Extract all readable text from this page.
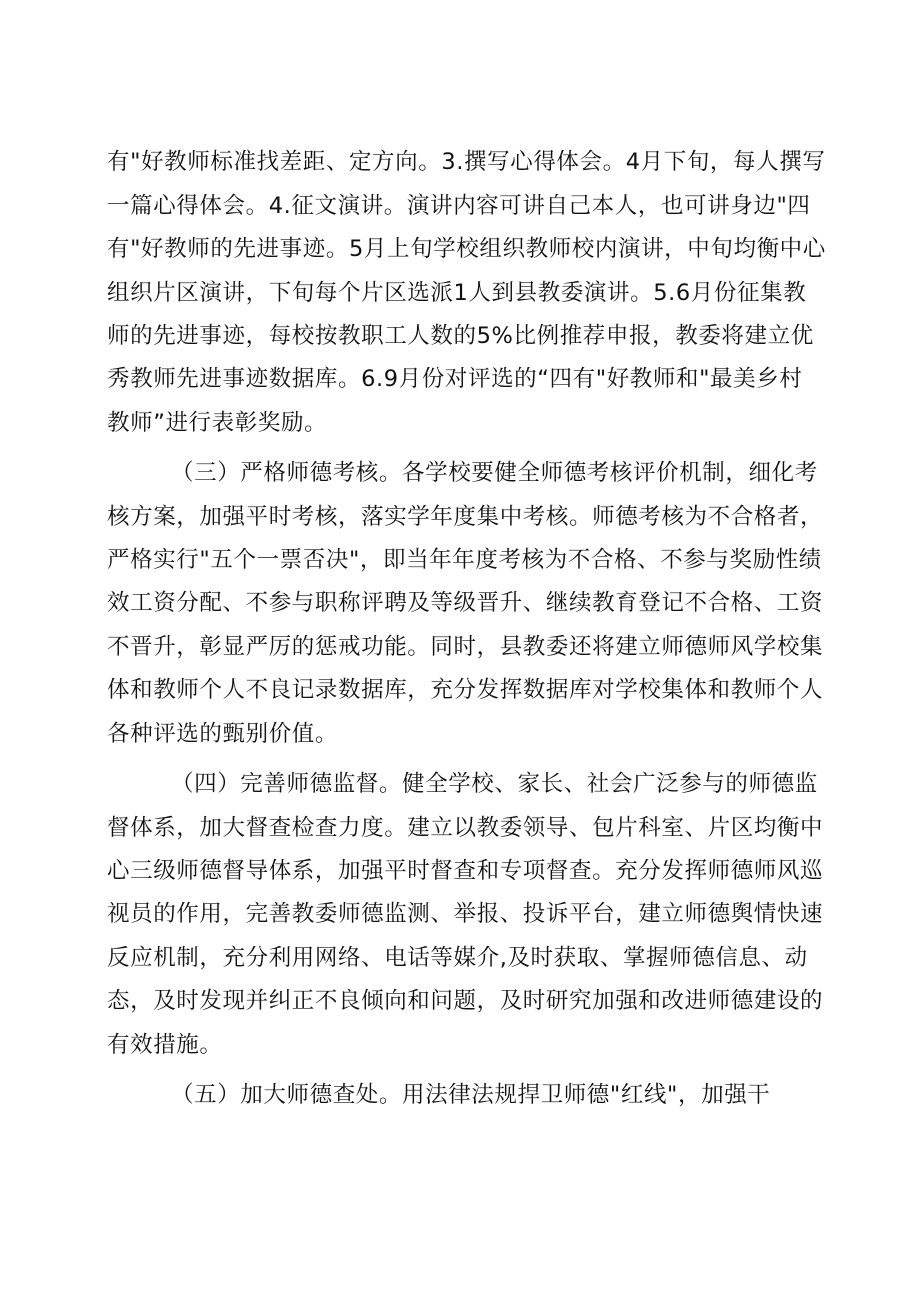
有"好教师标准找差距、定方向。3.撰写心得体会。4月下旬，每人撰写
一篇心得体会。4.征文演讲。演讲内容可讲自己本人，也可讲身边"四
有"好教师的先进事迹。5月上旬学校组织教师校内演讲，中旬均衡中心
组织片区演讲，下旬每个片区选派1人到县教委演讲。5.6月份征集教
师的先进事迹，每校按教职工人数的5%比例推荐申报，教委将建立优
秀教师先进事迹数据库。6.9月份对评选的“四有"好教师和"最美乡村
教师”进行表彰奖励。
（三）严格师德考核。各学校要健全师德考核评价机制，细化考
核方案，加强平时考核，落实学年度集中考核。师德考核为不合格者，
严格实行"五个一票否决"，即当年年度考核为不合格、不参与奖励性绩
效工资分配、不参与职称评聘及等级晋升、继续教育登记不合格、工资
不晋升，彰显严厉的惩戒功能。同时，县教委还将建立师德师风学校集
体和教师个人不良记录数据库，充分发挥数据库对学校集体和教师个人
各种评选的甄别价值。
（四）完善师德监督。健全学校、家长、社会广泛参与的师德监
督体系，加大督查检查力度。建立以教委领导、包片科室、片区均衡中
心三级师德督导体系，加强平时督查和专项督查。充分发挥师德师风巡
视员的作用，完善教委师德监测、举报、投诉平台，建立师德舆情快速
反应机制，充分利用网络、电话等媒介,及时获取、掌握师德信息、动
态，及时发现并纠正不良倾向和问题，及时研究加强和改进师德建设的
有效措施。
（五）加大师德查处。用法律法规捍卫师德"红线"，加强干
